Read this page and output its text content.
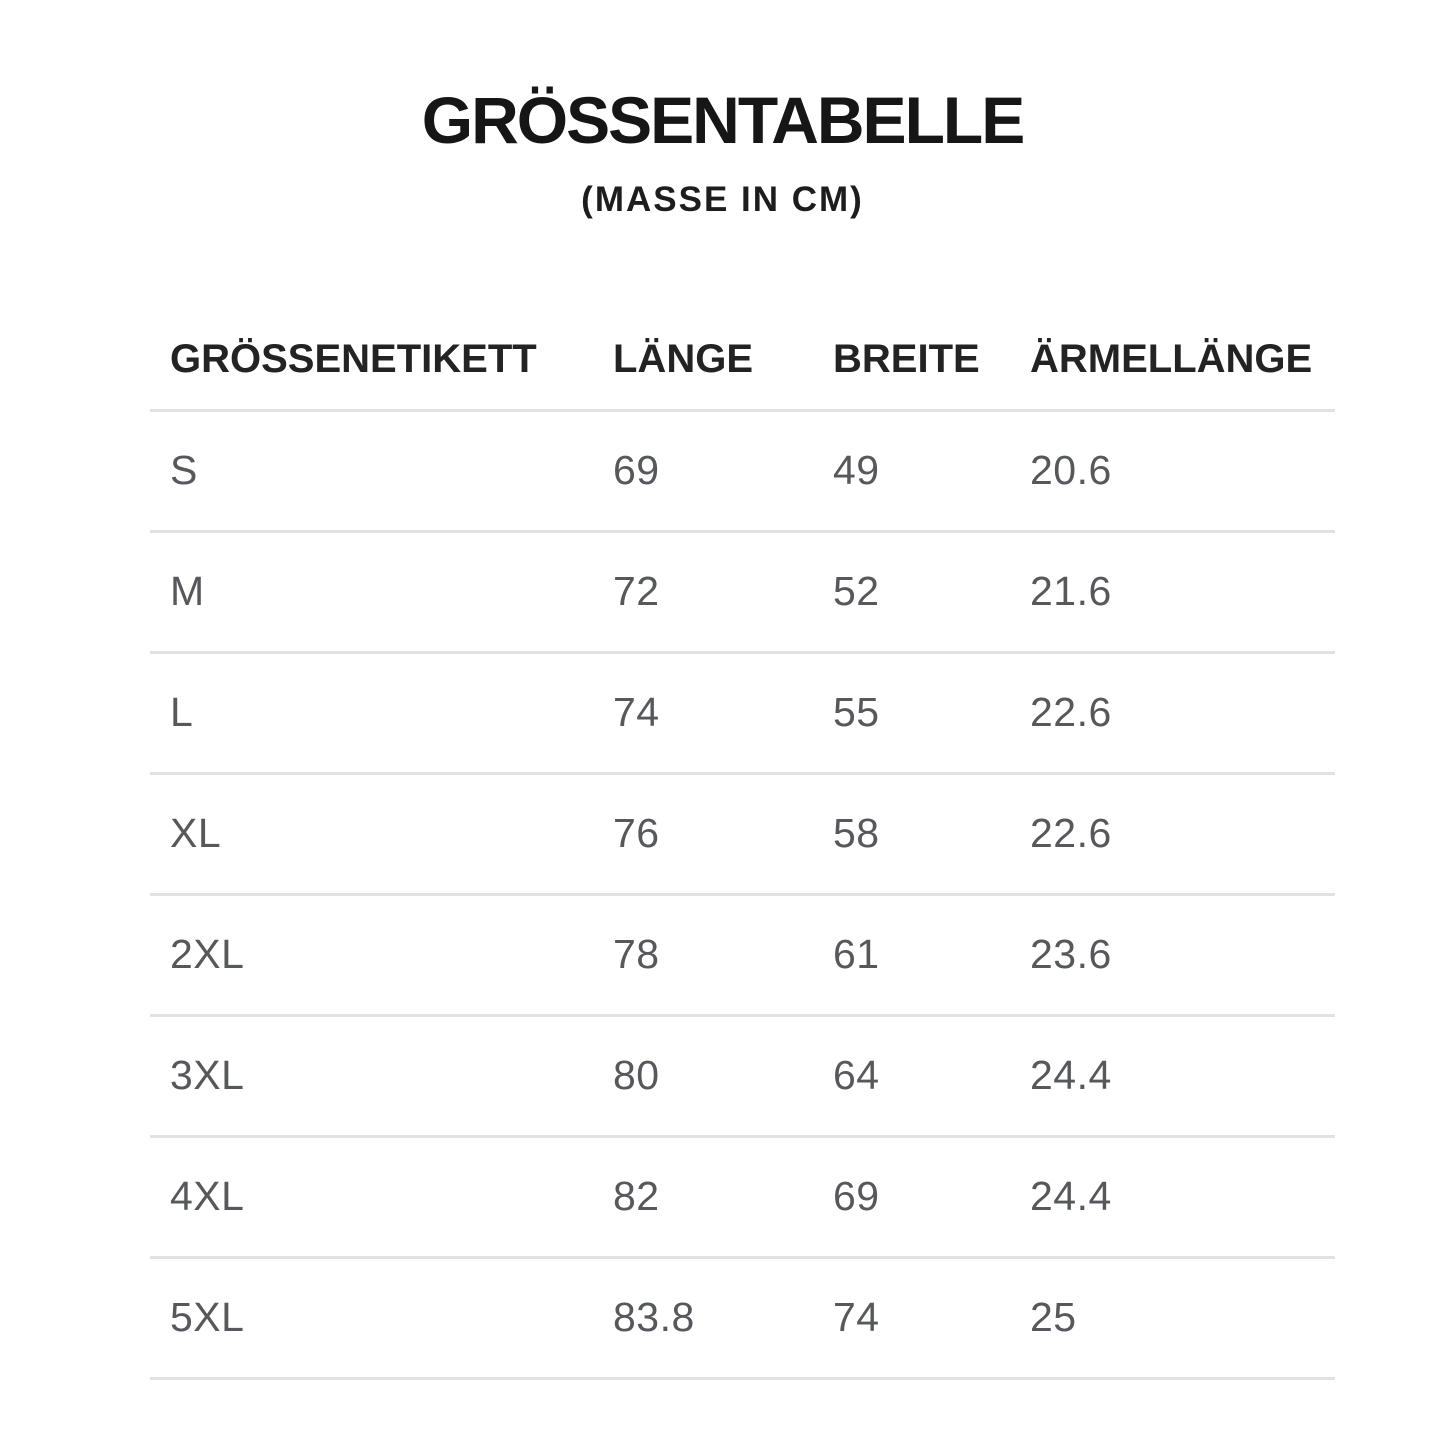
GRÖSSENTABELLE
(MASSE IN CM)
GRÖSSENETIKETT	LÄNGE	BREITE	ÄRMELLÄNGE
S	69	49	20.6
M	72	52	21.6
L	74	55	22.6
XL	76	58	22.6
2XL	78	61	23.6
3XL	80	64	24.4
4XL	82	69	24.4
5XL	83.8	74	25
